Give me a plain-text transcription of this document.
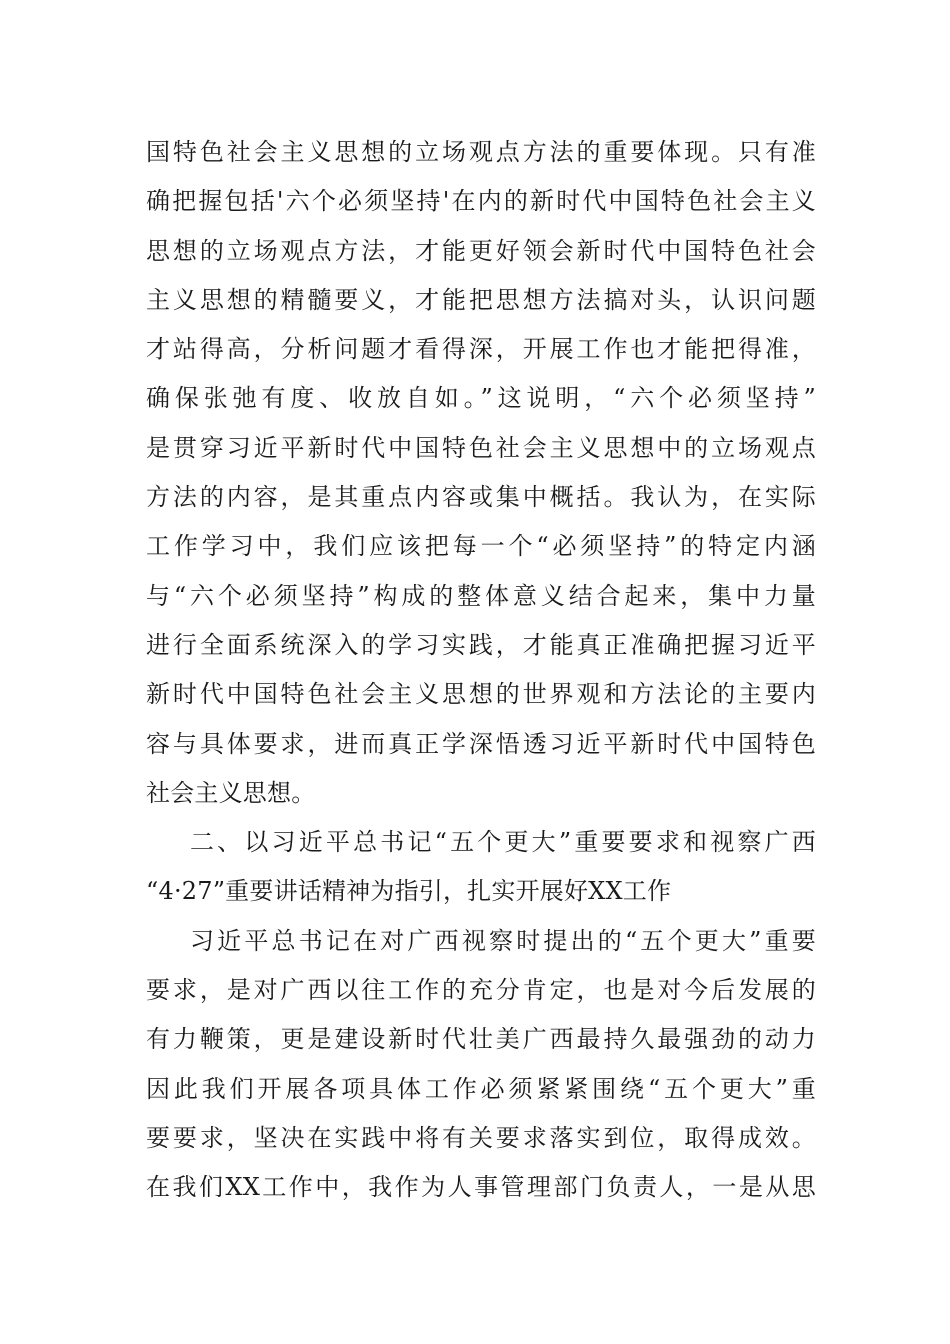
国特色社会主义思想的立场观点方法的重要体现。只有准
确把握包括'六个必须坚持'在内的新时代中国特色社会主义
思想的立场观点方法，才能更好领会新时代中国特色社会
主义思想的精髓要义，才能把思想方法搞对头，认识问题
才站得高，分析问题才看得深，开展工作也才能把得准，
确保张弛有度、收放自如。”这说明，“六个必须坚持”
是贯穿习近平新时代中国特色社会主义思想中的立场观点
方法的内容，是其重点内容或集中概括。我认为，在实际
工作学习中，我们应该把每一个“必须坚持”的特定内涵
与“六个必须坚持”构成的整体意义结合起来，集中力量
进行全面系统深入的学习实践，才能真正准确把握习近平
新时代中国特色社会主义思想的世界观和方法论的主要内
容与具体要求，进而真正学深悟透习近平新时代中国特色
社会主义思想。
二、以习近平总书记“五个更大”重要要求和视察广西
“4·27”重要讲话精神为指引，扎实开展好XX工作
习近平总书记在对广西视察时提出的“五个更大”重要
要求，是对广西以往工作的充分肯定，也是对今后发展的
有力鞭策，更是建设新时代壮美广西最持久最强劲的动力
因此我们开展各项具体工作必须紧紧围绕“五个更大”重
要要求，坚决在实践中将有关要求落实到位，取得成效。
在我们XX工作中，我作为人事管理部门负责人，一是从思
